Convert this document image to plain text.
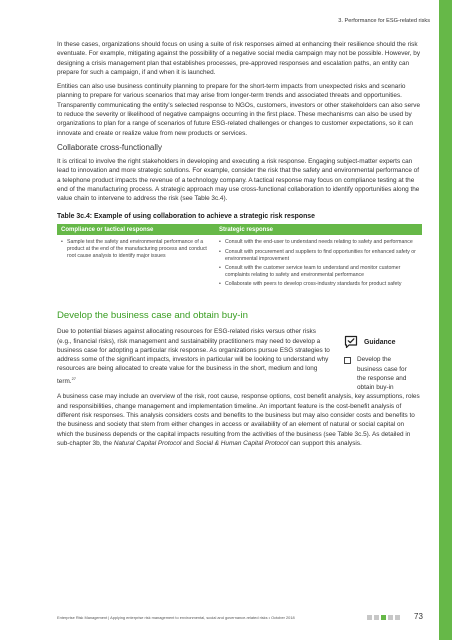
3. Performance for ESG-related risks

In these cases, organizations should focus on using a suite of risk responses aimed at enhancing their resilience should the risk eventuate. For example, mitigating against the possibility of a negative social media campaign may not be possible. However, by designing a crisis management plan that establishes processes, pre-approved responses and escalation paths, an entity can prepare for such a campaign, if and when it is launched.

Entities can also use business continuity planning to prepare for the short-term impacts from unexpected risks and scenario planning to prepare for various scenarios that may arise from longer-term trends and associated threats and opportunities. Transparently communicating the entity’s selected response to NGOs, customers, investors or other stakeholders can also serve to reduce the severity or likelihood of negative campaigns occurring in the first place. These mechanisms can also be used by organizations to plan for a range of scenarios of future ESG-related challenges or changes to customer expectations, so it can innovate and create or realize value from new products or services.

Collaborate cross-functionally

It is critical to involve the right stakeholders in developing and executing a risk response. Engaging subject-matter experts can lead to innovation and more strategic solutions. For example, consider the risk that the safety and environmental performance of a telephone product impacts the revenue of a technology company. A tactical response may focus on compliance testing at the end of the manufacturing process. A strategic approach may use cross-functional collaboration to identify opportunities along the value chain to intervene to address the risk (see Table 3c.4).

Table 3c.4: Example of using collaboration to achieve a strategic risk response
Compliance or tactical response	Strategic response
• Sample test the safety and environmental performance of a product at the end of the manufacturing process and conduct root cause analysis to identify major issues
• Consult with the end-user to understand needs relating to safety and performance
• Consult with procurement and suppliers to find opportunities for enhanced safety or environmental improvement
• Consult with the customer service team to understand and monitor customer complaints relating to safety and environmental performance
• Collaborate with peers to develop cross-industry standards for product safety
Develop the business case and obtain buy-in

Due to potential biases against allocating resources for ESG-related risks versus other risks (e.g., financial risks), risk management and sustainability practitioners may need to develop a business case for adopting a particular risk response. As organizations pursue ESG strategies to address some of the significant impacts, investors in particular will be looking to understand why resources are being allocated to create value for the business in the short, medium and long term.$^{27}$

Guidance
Develop the business case for the response and obtain buy-in

A business case may include an overview of the risk, root cause, response options, cost benefit analysis, key assumptions, roles and responsibilities, change management and implementation timeline. An important feature is the cost-benefit analysis of different risk responses. This analysis considers costs and benefits to the business but may also consider costs and benefits to the business and society that stem from either changes in access or availability of an element of natural or social capital on which the business depends or the capital impacts resulting from the activities of the business (see Table 3c.5). As detailed in sub-chapter 3b, the Natural Capital Protocol and Social & Human Capital Protocol can support this analysis.

Enterprise Risk Management | Applying enterprise risk management to environmental, social and governance-related risks • October 2018	73
